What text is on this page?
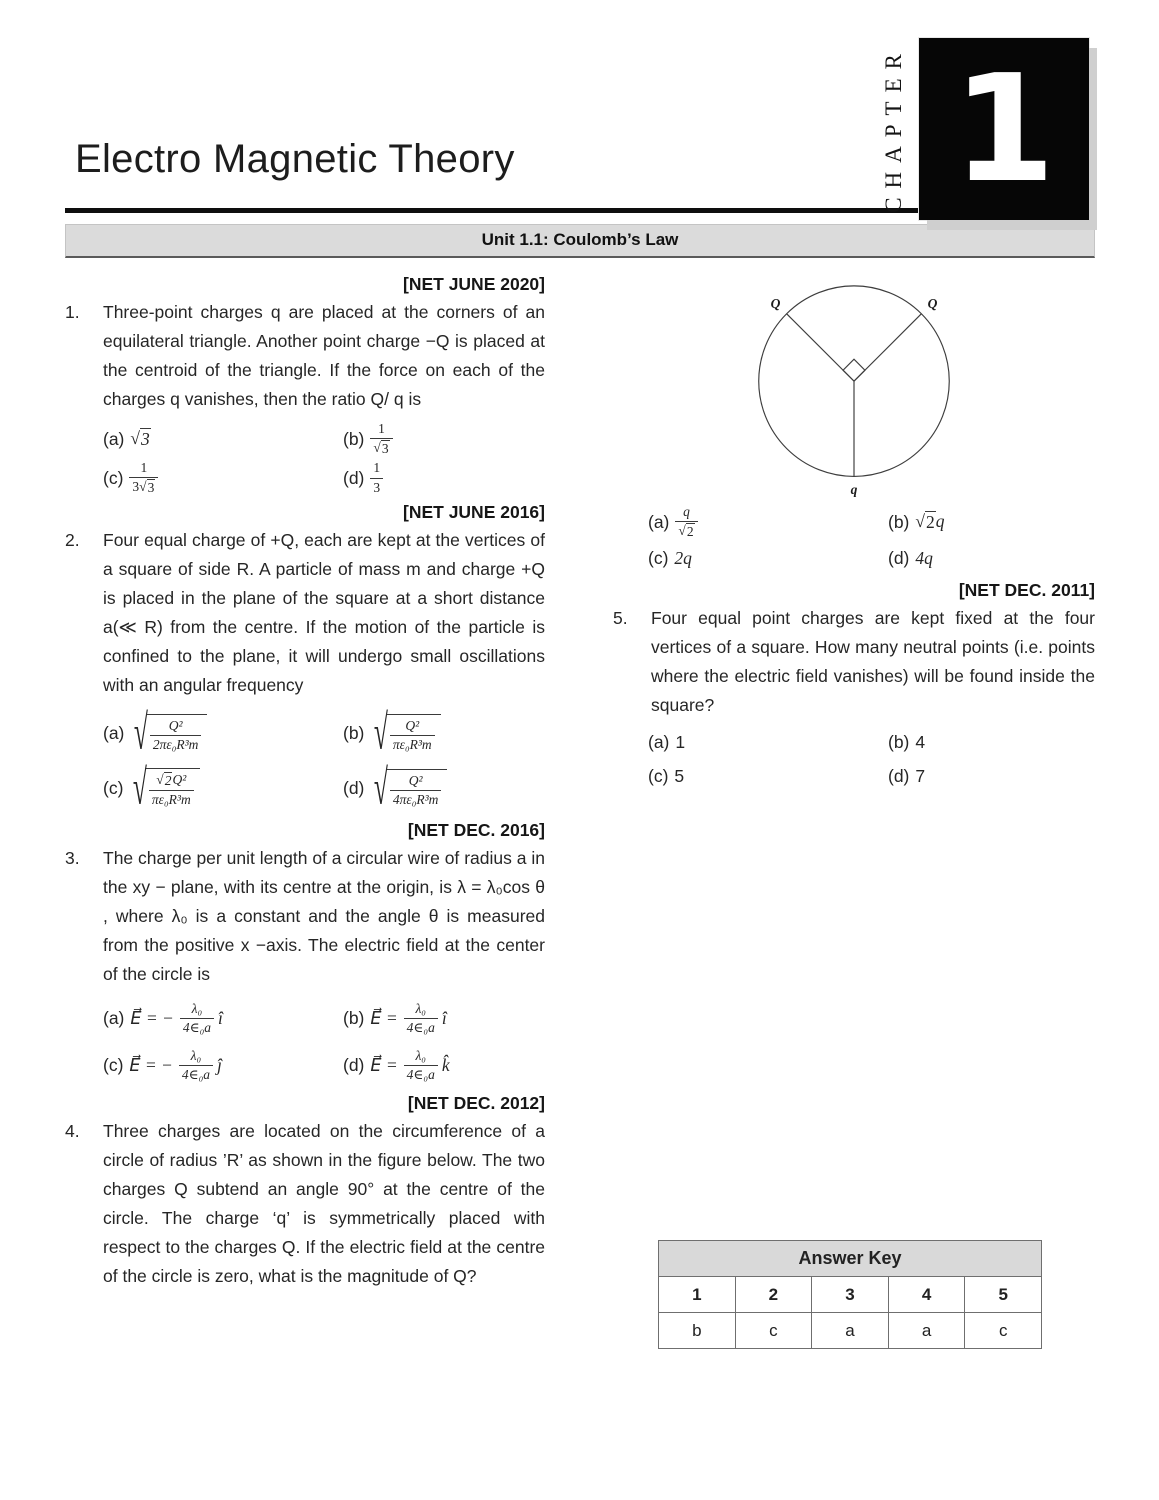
Electro Magnetic Theory	CHAPTER 1
Unit 1.1: Coulomb’s Law
[NET JUNE 2020]
1.	Three-point charges q are placed at the corners of an equilateral triangle. Another point charge −Q is placed at the centroid of the triangle. If the force on each of the charges q vanishes, then the ratio Q/ q is
(a) √ 3	$(b) \frac{1}{√ 3}$
$(c) \frac{1}{3 √ 3}$	$(d) \frac{1}{3}$
[NET JUNE 2016]
2.	Four equal charge of +Q, each are kept at the vertices of a square of side R. A particle of mass m and charge +Q is placed in the plane of the square at a short distance a(≪ R) from the centre. If the motion of the particle is confined to the plane, it will undergo small oscillations with an angular frequency
(a) √ $\frac{\text{Q²}}{\text{2πε₀R³m}}$	(b) √ $\frac{\text{Q²}}{\text{πε₀R³m}}$
(c) √ $\frac{\text{√ 2 Q²}}{\text{πε₀R³m}}$	(d) √ $\frac{\text{Q²}}{\text{4πε₀R³m}}$
[NET DEC. 2016]
3.	The charge per unit length of a circular wire of radius a in the xy − plane, with its centre at the origin, is λ = λ₀cos θ , where λ₀ is a constant and the angle θ is measured from the positive x −axis. The electric field at the center of the circle is
(a) E⃗ = − $\frac{\text{λ₀}}{\text{4∈₀a}}$ î	(b) E⃗ = $\frac{\text{λ₀}}{\text{4∈₀a}}$ î
(c) E⃗ = − $\frac{\text{λ₀}}{\text{4∈₀a}}$ ĵ	(d) E⃗ = $\frac{\text{λ₀}}{\text{4∈₀a}}$ k̂
[NET DEC. 2012]
4.	Three charges are located on the circumference of a circle of radius ’R’ as shown in the figure below. The two charges Q subtend an angle 90° at the centre of the circle. The charge ‘q’ is symmetrically placed with respect to the charges Q. If the electric field at the centre of the circle is zero, what is the magnitude of Q?
Q	Q
q
$(a) \frac{q}{√ 2}$	(b) √ 2 q
(c) 2q	(d) 4q
[NET DEC. 2011]
5.	Four equal point charges are kept fixed at the four vertices of a square. How many neutral points (i.e. points where the electric field vanishes) will be found inside the square?
(a) 1	(b) 4
(c) 5	(d) 7
Answer Key				
1	2	3	4	5
b	c	a	a	c
